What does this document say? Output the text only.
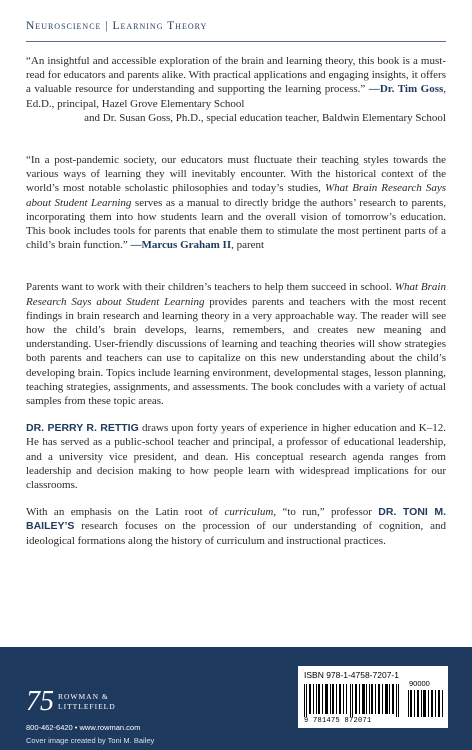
Neuroscience | Learning Theory
“An insightful and accessible exploration of the brain and learning theory, this book is a must-read for educators and parents alike. With practical applications and engaging insights, it offers a valuable resource for understanding and supporting the learning process.” —Dr. Tim Goss, Ed.D., principal, Hazel Grove Elementary School
and Dr. Susan Goss, Ph.D., special education teacher, Baldwin Elementary School
“In a post-pandemic society, our educators must fluctuate their teaching styles towards the various ways of learning they will inevitably encounter. With the historical context of the world’s most notable scholastic philosophies and today’s studies, What Brain Research Says about Student Learning serves as a manual to directly bridge the authors’ research to parents, incorporating them into how students learn and the overall vision of tomorrow’s education. This book includes tools for parents that enable them to stimulate the most pertinent parts of a child’s brain function.” —Marcus Graham II, parent

Parents want to work with their children’s teachers to help them succeed in school. What Brain Research Says about Student Learning provides parents and teachers with the most recent findings in brain research and learning theory in a very approachable way. The reader will see how the child’s brain develops, learns, remembers, and creates new meaning and understanding. User-friendly discussions of learning and teaching theories will show strategies both parents and teachers can use to capitalize on this new understanding about the child’s developing brain. Topics include learning environment, developmental stages, lesson planning, teaching strategies, assignments, and assessments. The book concludes with a variety of actual samples from these topic areas.

DR. PERRY R. RETTIG draws upon forty years of experience in higher education and K–12. He has served as a public-school teacher and principal, a professor of educational leadership, and a university vice president, and dean. His conceptual research agenda ranges from leadership and decision making to how people learn with widespread implications for our classrooms.

With an emphasis on the Latin root of curriculum, “to run,” professor DR. TONI M. BAILEY’S research focuses on the procession of our understanding of cognition, and ideological formations along the history of curriculum and instructional practices.

75 ROWMAN &
LITTLEFIELD
800-462-6420 • www.rowman.com
Cover image created by Toni M. Bailey
ISBN 978-1-4758-7207-1
90000
9 781475 872071
